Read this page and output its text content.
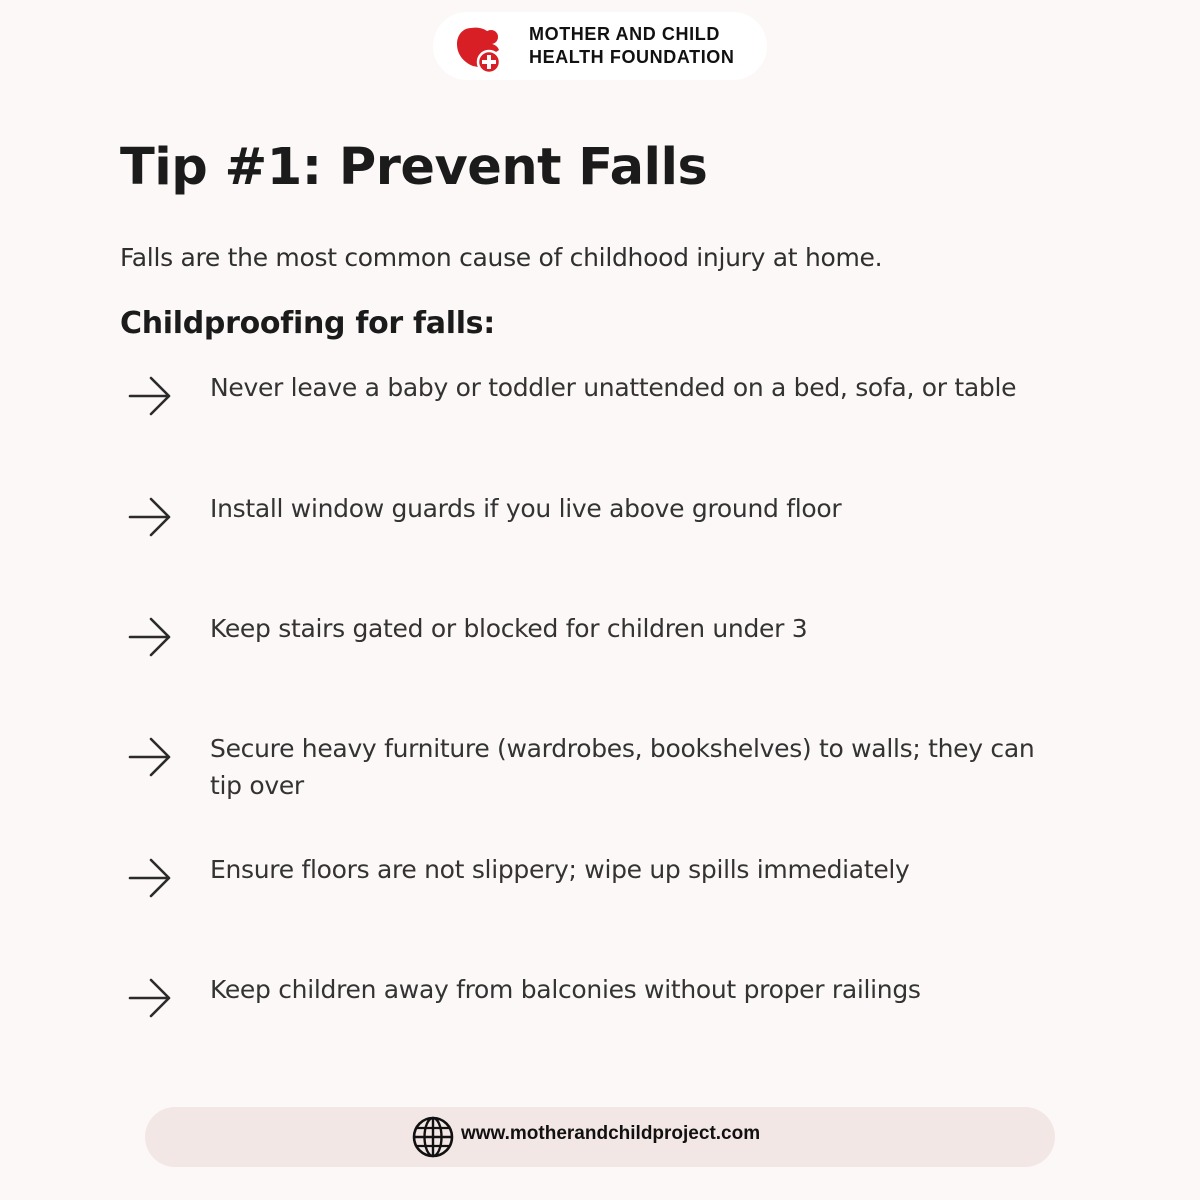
MOTHER AND CHILD
HEALTH FOUNDATION
Tip #1: Prevent Falls
Falls are the most common cause of childhood injury at home.
Childproofing for falls:
Never leave a baby or toddler unattended on a bed, sofa, or table
Install window guards if you live above ground floor
Keep stairs gated or blocked for children under 3
Secure heavy furniture (wardrobes, bookshelves) to walls; they can tip over
Ensure floors are not slippery; wipe up spills immediately
Keep children away from balconies without proper railings
www.motherandchildproject.com
